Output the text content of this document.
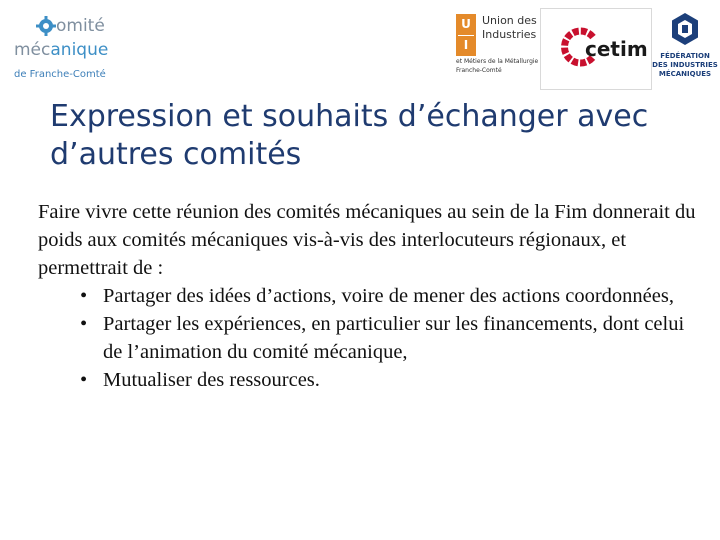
omité
mécanique
de Franche-Comté
U
I
Union des
Industries
et Métiers de la Métallurgie
Franche-Comté
cetim	FÉDÉRATION
DES INDUSTRIES
MÉCANIQUES
Expression et souhaits d’échanger avec
d’autres comités

Faire vivre cette réunion des comités mécaniques au sein de la Fim donnerait du poids aux comités mécaniques vis-à-vis des interlocuteurs régionaux, et permettrait de :

• Partager des idées d’actions, voire de mener des actions coordonnées,
• Partager les expériences, en particulier sur les financements, dont celui de l’animation du comité mécanique,
• Mutualiser des ressources.
